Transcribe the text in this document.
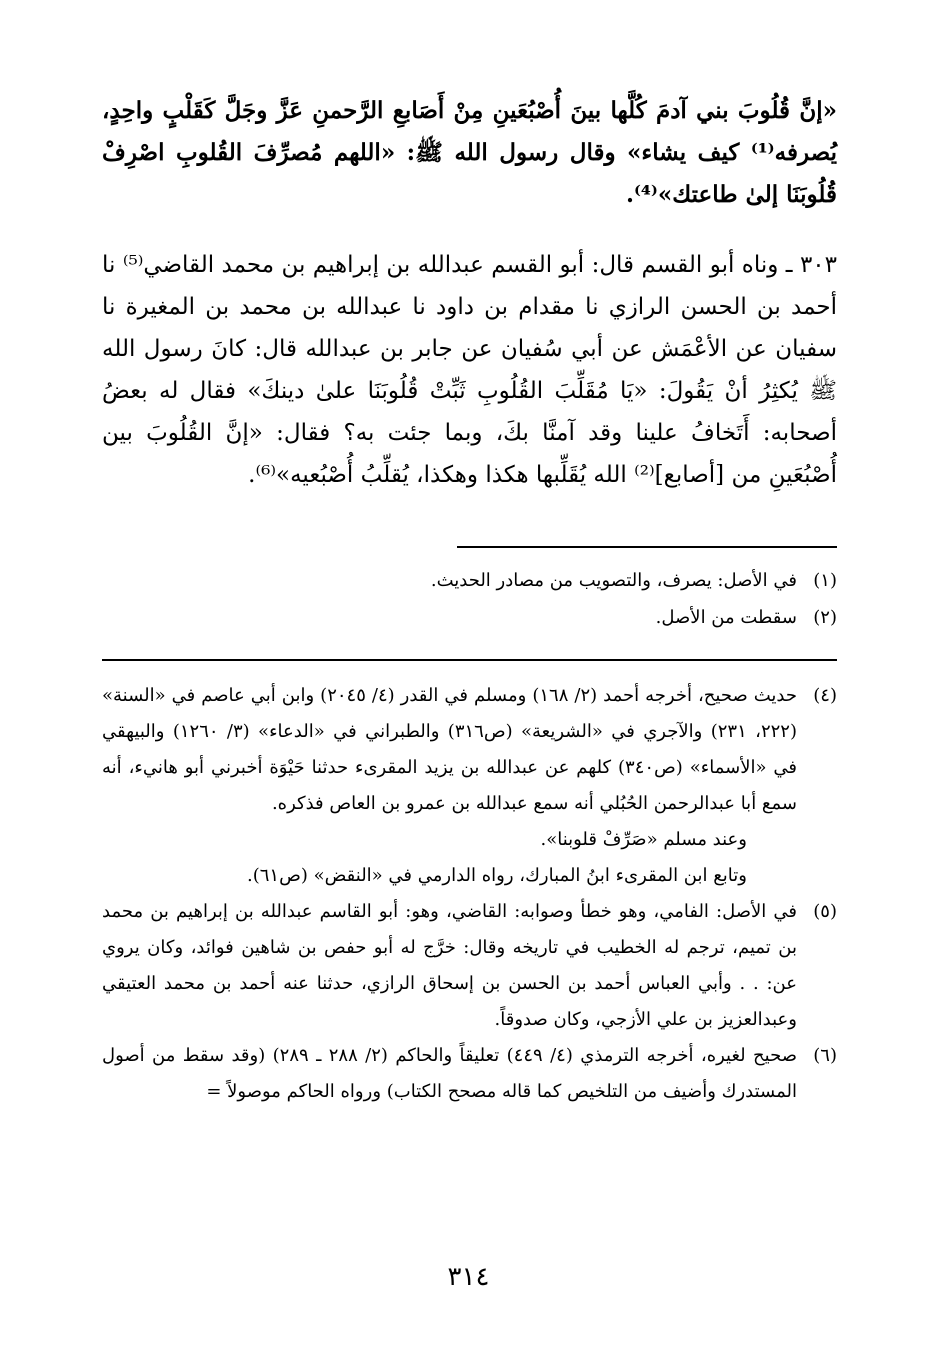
«إنَّ قُلُوبَ بني آدمَ كُلَّها بينَ أُصْبُعَينِ مِنْ أَصَابعِ الرَّحمنِ عَزَّ وجَلَّ كَقَلْبٍ واحِدٍ، يُصرفه⁽¹⁾ كيف يشاء» وقال رسول الله ﷺ: «اللهم مُصرِّفَ القُلوبِ اصْرِفْ قُلُوبَنَا إلىٰ طاعتك»⁽⁴⁾.

٣٠٣ ـ وناه أبو القسم قال: أبو القسم عبدالله بن إبراهيم بن محمد القاضي⁽⁵⁾ نا أحمد بن الحسن الرازي نا مقدام بن داود نا عبدالله بن محمد بن المغيرة نا سفيان عن الأعْمَش عن أبي سُفيان عن جابر بن عبدالله قال: كانَ رسول الله ﷺ يُكثِرُ أنْ يَقُولَ: «يَا مُقَلِّبَ القُلُوبِ ثَبِّتْ قُلُوبَنَا علىٰ دينكَ» فقال له بعضُ أصحابه: أَتَخافُ علينا وقد آمنَّا بكَ، وبما جئت به؟ فقال: «إنَّ القُلُوبَ بين أُصْبُعَينِ من [أصابع]⁽²⁾ الله يُقَلِّبها هكذا وهكذا، يُقلِّبُ أُصْبُعيه»⁽⁶⁾.

(١)
في الأصل: يصرف، والتصويب من مصادر الحديث.
(٢)
سقطت من الأصل.
(٤)

حديث صحيح، أخرجه أحمد (٢/ ١٦٨) ومسلم في القدر (٤/ ٢٠٤٥) وابن أبي عاصم في «السنة» (٢٢٢، ٢٣١) والآجري في «الشريعة» (ص٣١٦) والطبراني في «الدعاء» (٣/ ١٢٦٠) والبيهقي في «الأسماء» (ص٣٤٠) كلهم عن عبدالله بن يزيد المقرىء حدثنا حَيْوَة أخبرني أبو هانيء، أنه سمع أبا عبدالرحمن الحُبُلي أنه سمع عبدالله بن عمرو بن العاص فذكره.

وعند مسلم «صَرِّفْ قلوبنا».

وتابع ابن المقرىء ابنُ المبارك، رواه الدارمي في «النقض» (ص٦١).

(٥)
في الأصل: الفامي، وهو خطأ وصوابه: القاضي، وهو: أبو القاسم عبدالله بن إبراهيم بن محمد بن تميم، ترجم له الخطيب في تاريخه وقال: خرَّج له أبو حفص بن شاهين فوائد، وكان يروي عن: . . وأبي العباس أحمد بن الحسن بن إسحاق الرازي، حدثنا عنه أحمد بن محمد العتيقي وعبدالعزيز بن علي الأزجي، وكان صدوقاً.
(٦)
صحيح لغيره، أخرجه الترمذي (٤/ ٤٤٩) تعليقاً والحاكم (٢/ ٢٨٨ ـ ٢٨٩) (وقد سقط من أصول المستدرك وأضيف من التلخيص كما قاله مصحح الكتاب) ورواه الحاكم موصولاً =
٣١٤
